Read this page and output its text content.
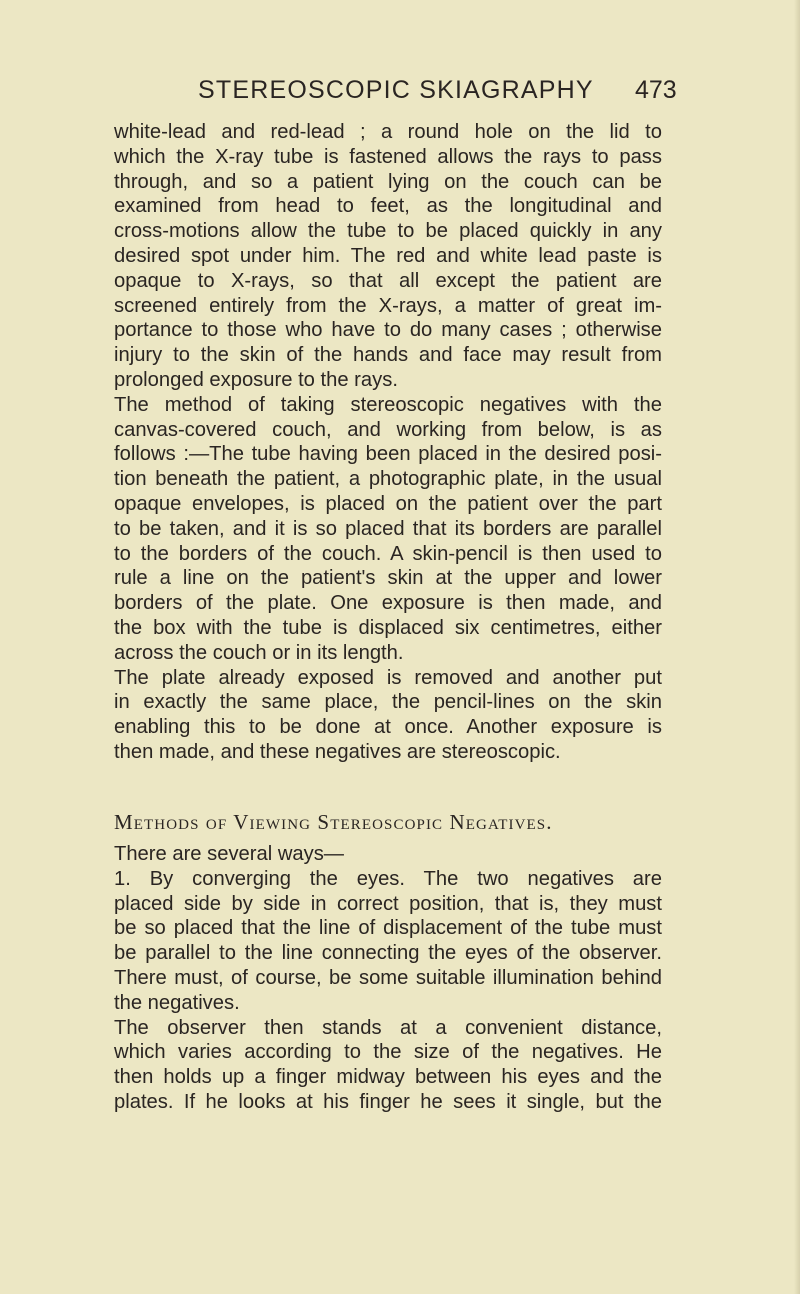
STEREOSCOPIC SKIAGRAPHY 473
white-lead and red-lead ; a round hole on the lid to
which the X-ray tube is fastened allows the rays to pass
through, and so a patient lying on the couch can be
examined from head to feet, as the longitudinal and
cross-motions allow the tube to be placed quickly in any
desired spot under him. The red and white lead paste is
opaque to X-rays, so that all except the patient are
screened entirely from the X-rays, a matter of great im-
portance to those who have to do many cases ; otherwise
injury to the skin of the hands and face may result from
prolonged exposure to the rays.
The method of taking stereoscopic negatives with the
canvas-covered couch, and working from below, is as
follows :—The tube having been placed in the desired posi-
tion beneath the patient, a photographic plate, in the usual
opaque envelopes, is placed on the patient over the part
to be taken, and it is so placed that its borders are parallel
to the borders of the couch. A skin-pencil is then used to
rule a line on the patient's skin at the upper and lower
borders of the plate. One exposure is then made, and
the box with the tube is displaced six centimetres, either
across the couch or in its length.
The plate already exposed is removed and another put
in exactly the same place, the pencil-lines on the skin
enabling this to be done at once. Another exposure is
then made, and these negatives are stereoscopic.
Methods of Viewing Stereoscopic Negatives.
There are several ways—
1. By converging the eyes. The two negatives are
placed side by side in correct position, that is, they must
be so placed that the line of displacement of the tube must
be parallel to the line connecting the eyes of the observer.
There must, of course, be some suitable illumination behind
the negatives.
The observer then stands at a convenient distance,
which varies according to the size of the negatives. He
then holds up a finger midway between his eyes and the
plates. If he looks at his finger he sees it single, but the
